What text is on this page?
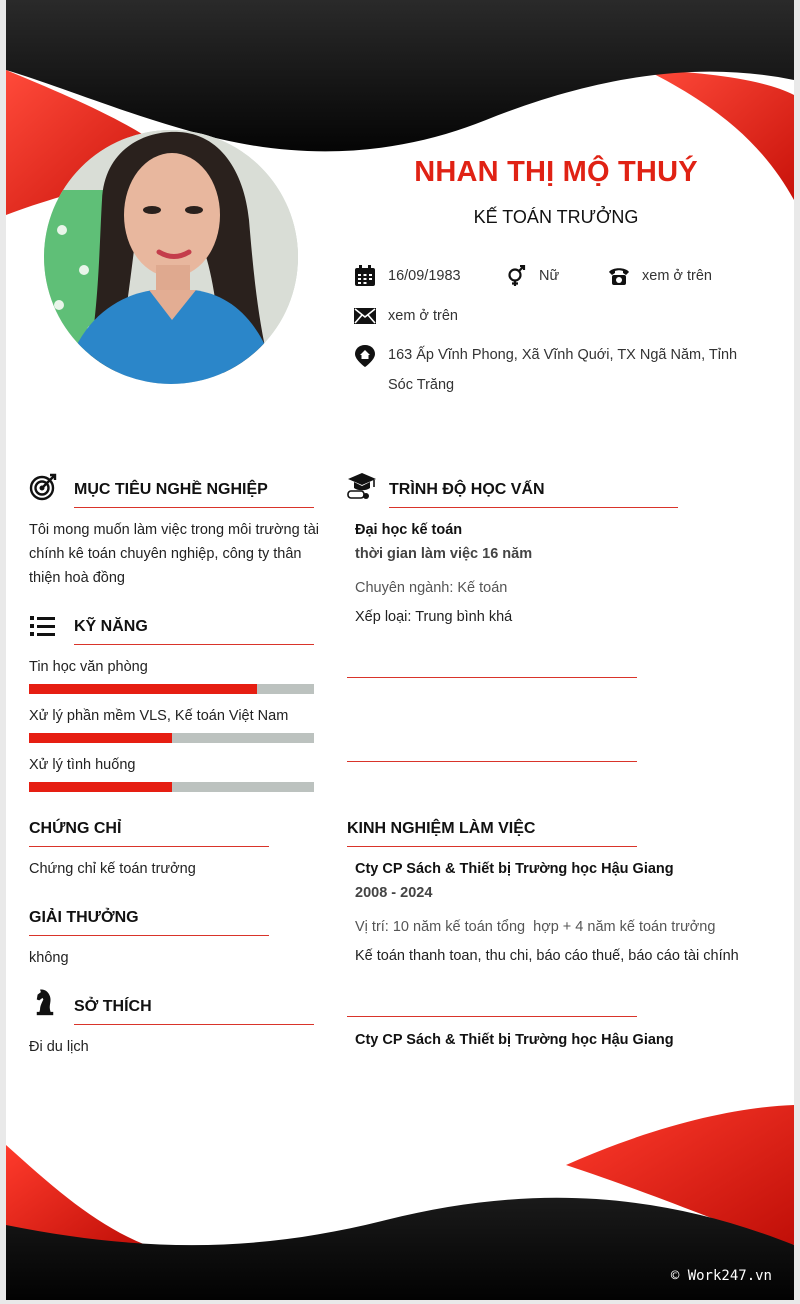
© Work247.vn
NHAN THỊ MỘ THUÝ
KẾ TOÁN TRƯỞNG
16/09/1983	Nữ	xem ở trên
xem ở trên
163 Ấp Vĩnh Phong, Xã Vĩnh Quới, TX Ngã Năm, Tỉnh Sóc Trăng
MỤC TIÊU NGHỀ NGHIỆP
Tôi mong muốn làm việc trong môi trường tài chính kê toán chuyên nghiệp, công ty thân thiện hoà đồng
KỸ NĂNG
Tin học văn phòng
Xử lý phần mềm VLS, Kế toán Việt Nam
Xử lý tình huống
CHỨNG CHỈ
Chứng chỉ kế toán trưởng
GIẢI THƯỞNG
không
SỞ THÍCH
Đi du lịch
TRÌNH ĐỘ HỌC VẤN
Đại học kế toán
thời gian làm việc 16 năm
Chuyên ngành: Kế toán
Xếp loại: Trung bình khá
KINH NGHIỆM LÀM VIỆC
Cty CP Sách & Thiết bị Trường học Hậu Giang
2008 - 2024
Vị trí: 10 năm kế toán tổng  hợp + 4 năm kế toán trưởng
Kế toán thanh toan, thu chi, báo cáo thuế, báo cáo tài chính
Cty CP Sách & Thiết bị Trường học Hậu Giang
